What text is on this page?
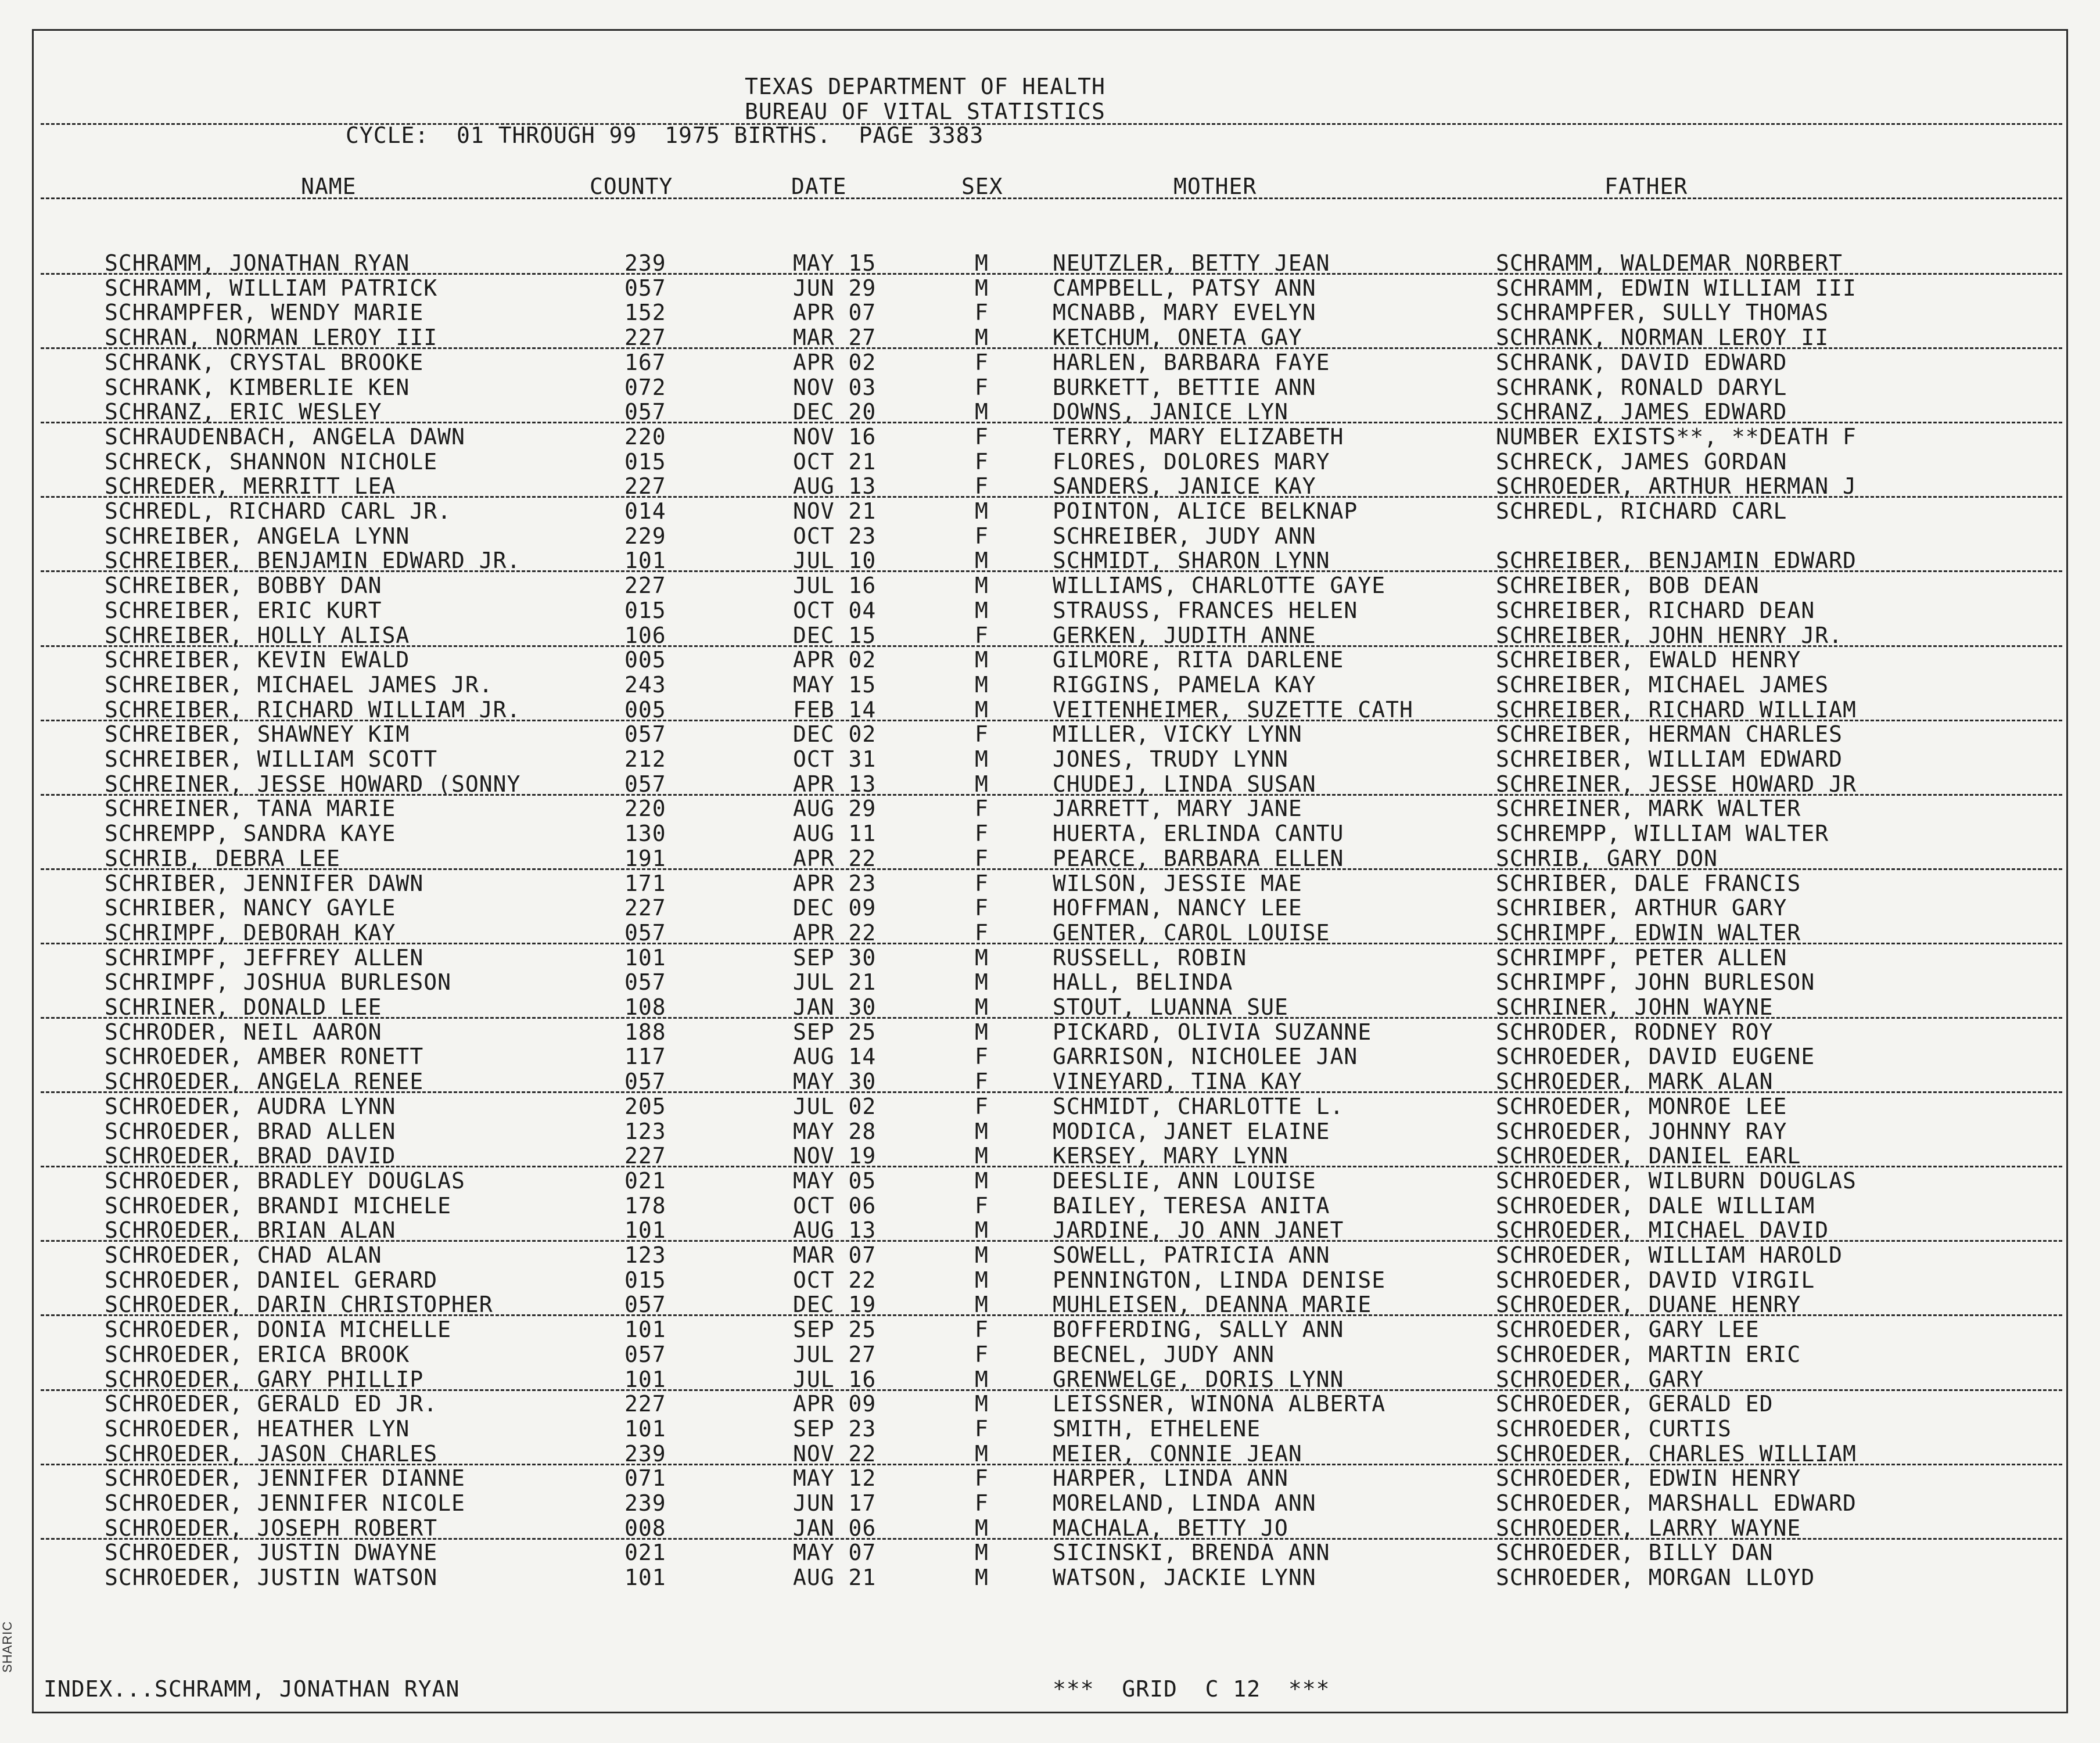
TEXAS DEPARTMENT OF HEALTH
BUREAU OF VITAL STATISTICS
CYCLE:  01 THROUGH 99  1975 BIRTHS.  PAGE 3383
NAME	COUNTY	DATE	SEX	MOTHER	FATHER
SCHRAMM, JONATHAN RYAN	239	MAY 15	M	NEUTZLER, BETTY JEAN	SCHRAMM, WALDEMAR NORBERT
SCHRAMM, WILLIAM PATRICK	057	JUN 29	M	CAMPBELL, PATSY ANN	SCHRAMM, EDWIN WILLIAM III
SCHRAMPFER, WENDY MARIE	152	APR 07	F	MCNABB, MARY EVELYN	SCHRAMPFER, SULLY THOMAS
SCHRAN, NORMAN LEROY III	227	MAR 27	M	KETCHUM, ONETA GAY	SCHRANK, NORMAN LEROY II
SCHRANK, CRYSTAL BROOKE	167	APR 02	F	HARLEN, BARBARA FAYE	SCHRANK, DAVID EDWARD
SCHRANK, KIMBERLIE KEN	072	NOV 03	F	BURKETT, BETTIE ANN	SCHRANK, RONALD DARYL
SCHRANZ, ERIC WESLEY	057	DEC 20	M	DOWNS, JANICE LYN	SCHRANZ, JAMES EDWARD
SCHRAUDENBACH, ANGELA DAWN	220	NOV 16	F	TERRY, MARY ELIZABETH	NUMBER EXISTS**, **DEATH F
SCHRECK, SHANNON NICHOLE	015	OCT 21	F	FLORES, DOLORES MARY	SCHRECK, JAMES GORDAN
SCHREDER, MERRITT LEA	227	AUG 13	F	SANDERS, JANICE KAY	SCHROEDER, ARTHUR HERMAN J
SCHREDL, RICHARD CARL JR.	014	NOV 21	M	POINTON, ALICE BELKNAP	SCHREDL, RICHARD CARL
SCHREIBER, ANGELA LYNN	229	OCT 23	F	SCHREIBER, JUDY ANN
SCHREIBER, BENJAMIN EDWARD JR.	101	JUL 10	M	SCHMIDT, SHARON LYNN	SCHREIBER, BENJAMIN EDWARD
SCHREIBER, BOBBY DAN	227	JUL 16	M	WILLIAMS, CHARLOTTE GAYE	SCHREIBER, BOB DEAN
SCHREIBER, ERIC KURT	015	OCT 04	M	STRAUSS, FRANCES HELEN	SCHREIBER, RICHARD DEAN
SCHREIBER, HOLLY ALISA	106	DEC 15	F	GERKEN, JUDITH ANNE	SCHREIBER, JOHN HENRY JR.
SCHREIBER, KEVIN EWALD	005	APR 02	M	GILMORE, RITA DARLENE	SCHREIBER, EWALD HENRY
SCHREIBER, MICHAEL JAMES JR.	243	MAY 15	M	RIGGINS, PAMELA KAY	SCHREIBER, MICHAEL JAMES
SCHREIBER, RICHARD WILLIAM JR.	005	FEB 14	M	VEITENHEIMER, SUZETTE CATH	SCHREIBER, RICHARD WILLIAM
SCHREIBER, SHAWNEY KIM	057	DEC 02	F	MILLER, VICKY LYNN	SCHREIBER, HERMAN CHARLES
SCHREIBER, WILLIAM SCOTT	212	OCT 31	M	JONES, TRUDY LYNN	SCHREIBER, WILLIAM EDWARD
SCHREINER, JESSE HOWARD (SONNY	057	APR 13	M	CHUDEJ, LINDA SUSAN	SCHREINER, JESSE HOWARD JR
SCHREINER, TANA MARIE	220	AUG 29	F	JARRETT, MARY JANE	SCHREINER, MARK WALTER
SCHREMPP, SANDRA KAYE	130	AUG 11	F	HUERTA, ERLINDA CANTU	SCHREMPP, WILLIAM WALTER
SCHRIB, DEBRA LEE	191	APR 22	F	PEARCE, BARBARA ELLEN	SCHRIB, GARY DON
SCHRIBER, JENNIFER DAWN	171	APR 23	F	WILSON, JESSIE MAE	SCHRIBER, DALE FRANCIS
SCHRIBER, NANCY GAYLE	227	DEC 09	F	HOFFMAN, NANCY LEE	SCHRIBER, ARTHUR GARY
SCHRIMPF, DEBORAH KAY	057	APR 22	F	GENTER, CAROL LOUISE	SCHRIMPF, EDWIN WALTER
SCHRIMPF, JEFFREY ALLEN	101	SEP 30	M	RUSSELL, ROBIN	SCHRIMPF, PETER ALLEN
SCHRIMPF, JOSHUA BURLESON	057	JUL 21	M	HALL, BELINDA	SCHRIMPF, JOHN BURLESON
SCHRINER, DONALD LEE	108	JAN 30	M	STOUT, LUANNA SUE	SCHRINER, JOHN WAYNE
SCHRODER, NEIL AARON	188	SEP 25	M	PICKARD, OLIVIA SUZANNE	SCHRODER, RODNEY ROY
SCHROEDER, AMBER RONETT	117	AUG 14	F	GARRISON, NICHOLEE JAN	SCHROEDER, DAVID EUGENE
SCHROEDER, ANGELA RENEE	057	MAY 30	F	VINEYARD, TINA KAY	SCHROEDER, MARK ALAN
SCHROEDER, AUDRA LYNN	205	JUL 02	F	SCHMIDT, CHARLOTTE L.	SCHROEDER, MONROE LEE
SCHROEDER, BRAD ALLEN	123	MAY 28	M	MODICA, JANET ELAINE	SCHROEDER, JOHNNY RAY
SCHROEDER, BRAD DAVID	227	NOV 19	M	KERSEY, MARY LYNN	SCHROEDER, DANIEL EARL
SCHROEDER, BRADLEY DOUGLAS	021	MAY 05	M	DEESLIE, ANN LOUISE	SCHROEDER, WILBURN DOUGLAS
SCHROEDER, BRANDI MICHELE	178	OCT 06	F	BAILEY, TERESA ANITA	SCHROEDER, DALE WILLIAM
SCHROEDER, BRIAN ALAN	101	AUG 13	M	JARDINE, JO ANN JANET	SCHROEDER, MICHAEL DAVID
SCHROEDER, CHAD ALAN	123	MAR 07	M	SOWELL, PATRICIA ANN	SCHROEDER, WILLIAM HAROLD
SCHROEDER, DANIEL GERARD	015	OCT 22	M	PENNINGTON, LINDA DENISE	SCHROEDER, DAVID VIRGIL
SCHROEDER, DARIN CHRISTOPHER	057	DEC 19	M	MUHLEISEN, DEANNA MARIE	SCHROEDER, DUANE HENRY
SCHROEDER, DONIA MICHELLE	101	SEP 25	F	BOFFERDING, SALLY ANN	SCHROEDER, GARY LEE
SCHROEDER, ERICA BROOK	057	JUL 27	F	BECNEL, JUDY ANN	SCHROEDER, MARTIN ERIC
SCHROEDER, GARY PHILLIP	101	JUL 16	M	GRENWELGE, DORIS LYNN	SCHROEDER, GARY
SCHROEDER, GERALD ED JR.	227	APR 09	M	LEISSNER, WINONA ALBERTA	SCHROEDER, GERALD ED
SCHROEDER, HEATHER LYN	101	SEP 23	F	SMITH, ETHELENE	SCHROEDER, CURTIS
SCHROEDER, JASON CHARLES	239	NOV 22	M	MEIER, CONNIE JEAN	SCHROEDER, CHARLES WILLIAM
SCHROEDER, JENNIFER DIANNE	071	MAY 12	F	HARPER, LINDA ANN	SCHROEDER, EDWIN HENRY
SCHROEDER, JENNIFER NICOLE	239	JUN 17	F	MORELAND, LINDA ANN	SCHROEDER, MARSHALL EDWARD
SCHROEDER, JOSEPH ROBERT	008	JAN 06	M	MACHALA, BETTY JO	SCHROEDER, LARRY WAYNE
SCHROEDER, JUSTIN DWAYNE	021	MAY 07	M	SICINSKI, BRENDA ANN	SCHROEDER, BILLY DAN
SCHROEDER, JUSTIN WATSON	101	AUG 21	M	WATSON, JACKIE LYNN	SCHROEDER, MORGAN LLOYD
INDEX...SCHRAMM, JONATHAN RYAN	***  GRID  C 12  ***
SHARIC
